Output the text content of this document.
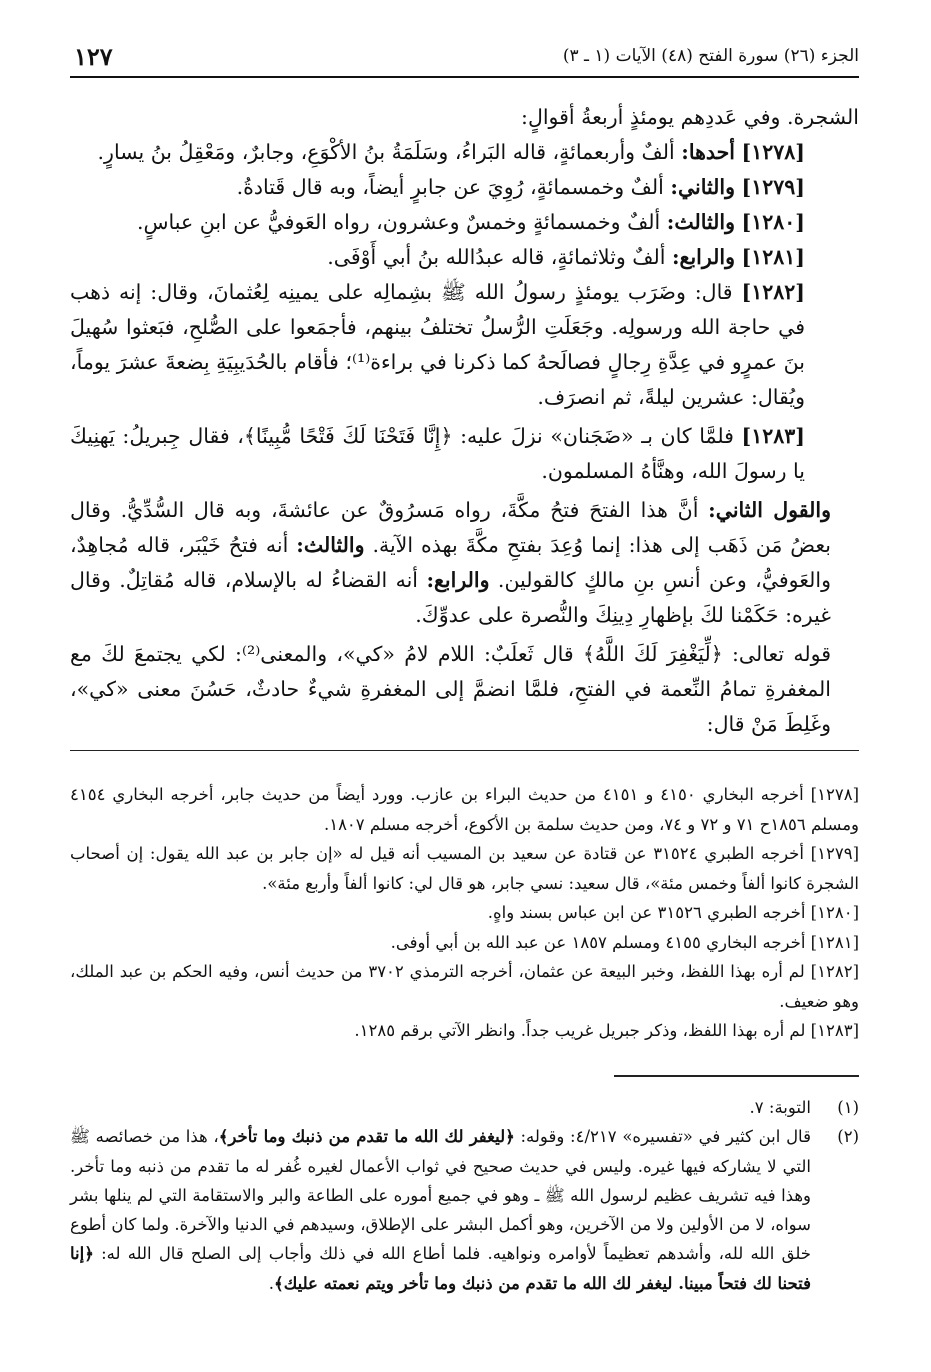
الجزء (٢٦) سورة الفتح (٤٨) الآيات (١ ـ ٣)
١٢٧

الشجرة. وفي عَددِهم يومئذٍ أربعةُ أقوالٍ:

[١٢٧٨] أحدها: ألفٌ وأربعمائةٍ، قاله البَراءُ، وسَلَمَةُ بنُ الأكْوَعِ، وجابرٌ، ومَعْقِلُ بنُ يسارٍ.

[١٢٧٩] والثاني: ألفٌ وخمسمائةٍ، رُوِيَ عن جابرٍ أيضاً، وبه قال قَتادةُ.

[١٢٨٠] والثالث: ألفٌ وخمسمائةٍ وخمسٌ وعشرون، رواه العَوفيُّ عن ابنِ عباسٍ.

[١٢٨١] والرابع: ألفٌ وثلاثمائةٍ، قاله عبدُالله بنُ أبي أَوْفَى.

[١٢٨٢] قال: وضَرَب يومئذٍ رسولُ الله ﷺ بشِمالِه على يمينِه لِعُثمانَ، وقال: إنه ذهب في حاجة الله ورسولِه. وجَعَلَتِ الرُّسلُ تختلفُ بينهم، فأجمَعوا على الصُّلحِ، فبَعثوا سُهيلَ بنَ عمرٍو في عِدَّةِ رِجالٍ فصالَحهُ كما ذكرنا في براءة⁽¹⁾؛ فأقام بالحُدَيبِيَةِ بِضعةَ عشرَ يوماً، ويُقال: عشرين ليلةً، ثم انصرَف.

[١٢٨٣] فلمَّا كان بـ «ضَجَنان» نزلَ عليه: ﴿إِنَّا فَتَحْنَا لَكَ فَتْحًا مُّبِينًا﴾، فقال جِبريلُ: يَهنِيكَ يا رسولَ الله، وهنَّأهُ المسلمون.

والقول الثاني: أنَّ هذا الفتحَ فتحُ مكَّةَ، رواه مَسرُوقٌ عن عائشةَ، وبه قال السُّدِّيُّ. وقال بعضُ مَن ذَهَب إلى هذا: إنما وُعِدَ بفتحِ مكَّةَ بهذه الآية. والثالث: أنه فتحُ خَيْبَر، قاله مُجاهِدٌ، والعَوفيُّ، وعن أنسِ بنِ مالكٍ كالقولين. والرابع: أنه القضاءُ له بالإسلام، قاله مُقاتِلٌ. وقال غيره: حَكَمْنا لكَ بإظهارِ دِينِكَ والنُّصرة على عدوِّكَ.

قوله تعالى: ﴿لِّيَغْفِرَ لَكَ اللَّهُ﴾ قال ثَعلَبٌ: اللام لامُ «كي»، والمعنى⁽²⁾: لكي يجتمعَ لكَ مع المغفرةِ تمامُ النِّعمة في الفتحِ، فلمَّا انضمَّ إلى المغفرةِ شيءٌ حادثٌ، حَسُنَ معنى «كي»، وغَلِطَ مَنْ قال:

[١٢٧٨] أخرجه البخاري ٤١٥٠ و ٤١٥١ من حديث البراء بن عازب. وورد أيضاً من حديث جابر، أخرجه البخاري ٤١٥٤ ومسلم ١٨٥٦ح ٧١ و ٧٢ و ٧٤، ومن حديث سلمة بن الأكوع، أخرجه مسلم ١٨٠٧.

[١٢٧٩] أخرجه الطبري ٣١٥٢٤ عن قتادة عن سعيد بن المسيب أنه قيل له «إن جابر بن عبد الله يقول: إن أصحاب الشجرة كانوا ألفاً وخمس مئة»، قال سعيد: نسي جابر، هو قال لي: كانوا ألفاً وأربع مئة».

[١٢٨٠] أخرجه الطبري ٣١٥٢٦ عن ابن عباس بسند واهٍ.

[١٢٨١] أخرجه البخاري ٤١٥٥ ومسلم ١٨٥٧ عن عبد الله بن أبي أوفى.

[١٢٨٢] لم أره بهذا اللفظ، وخبر البيعة عن عثمان، أخرجه الترمذي ٣٧٠٢ من حديث أنس، وفيه الحكم بن عبد الملك، وهو ضعيف.

[١٢٨٣] لم أره بهذا اللفظ، وذكر جبريل غريب جداً. وانظر الآتي برقم ١٢٨٥.

(١)
التوبة: ٧.
(٢)
قال ابن كثير في «تفسيره» ٤/٢١٧: وقوله: ﴿ليغفر لك الله ما تقدم من ذنبك وما تأخر﴾، هذا من خصائصه ﷺ التي لا يشاركه فيها غيره. وليس في حديث صحيح في ثواب الأعمال لغيره غُفر له ما تقدم من ذنبه وما تأخر. وهذا فيه تشريف عظيم لرسول الله ﷺ ـ وهو في جميع أموره على الطاعة والبر والاستقامة التي لم ينلها بشر سواه، لا من الأولين ولا من الآخرين، وهو أكمل البشر على الإطلاق، وسيدهم في الدنيا والآخرة. ولما كان أطوع خلق الله لله، وأشدهم تعظيماً لأوامره ونواهيه. فلما أطاع الله في ذلك وأجاب إلى الصلح قال الله له: ﴿إنا فتحنا لك فتحاً مبينا. ليغفر لك الله ما تقدم من ذنبك وما تأخر ويتم نعمته عليك﴾.
